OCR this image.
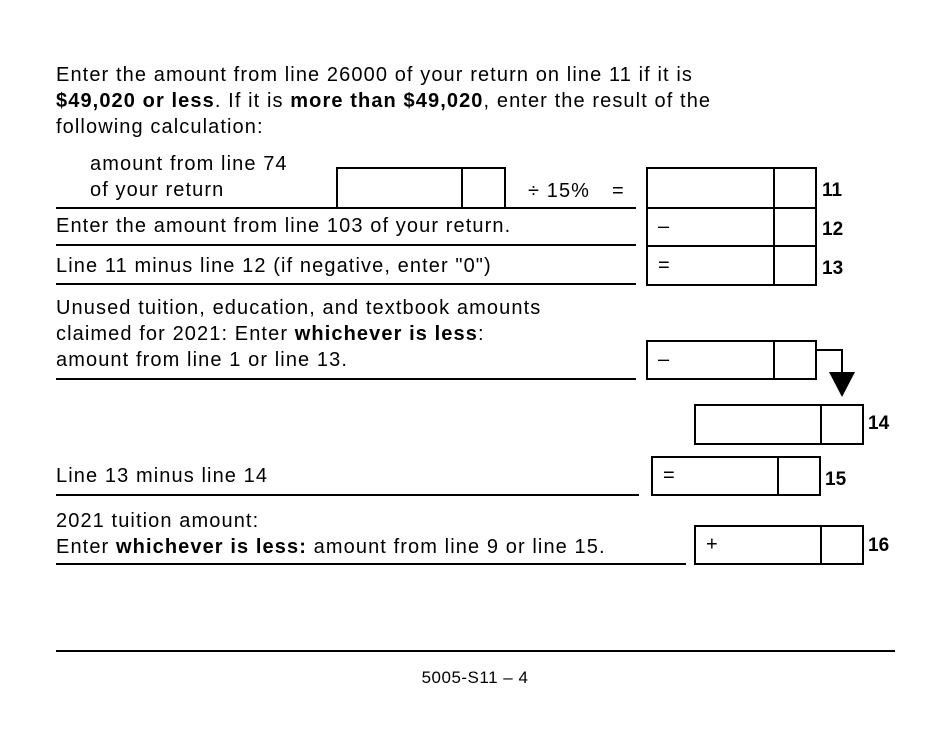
Enter the amount from line 26000 of your return on line 11 if it is
$49,020 or less. If it is more than $49,020, enter the result of the
following calculation:
amount from line 74
of your return	÷ 15% =	11
Enter the amount from line 103 of your return.	–	12
Line 11 minus line 12 (if negative, enter "0")	=	13
Unused tuition, education, and textbook amounts
claimed for 2021: Enter whichever is less:
amount from line 1 or line 13.	–
14
Line 13 minus line 14	=	15
2021 tuition amount:
Enter whichever is less: amount from line 9 or line 15.	+	16
5005-S11 – 4
